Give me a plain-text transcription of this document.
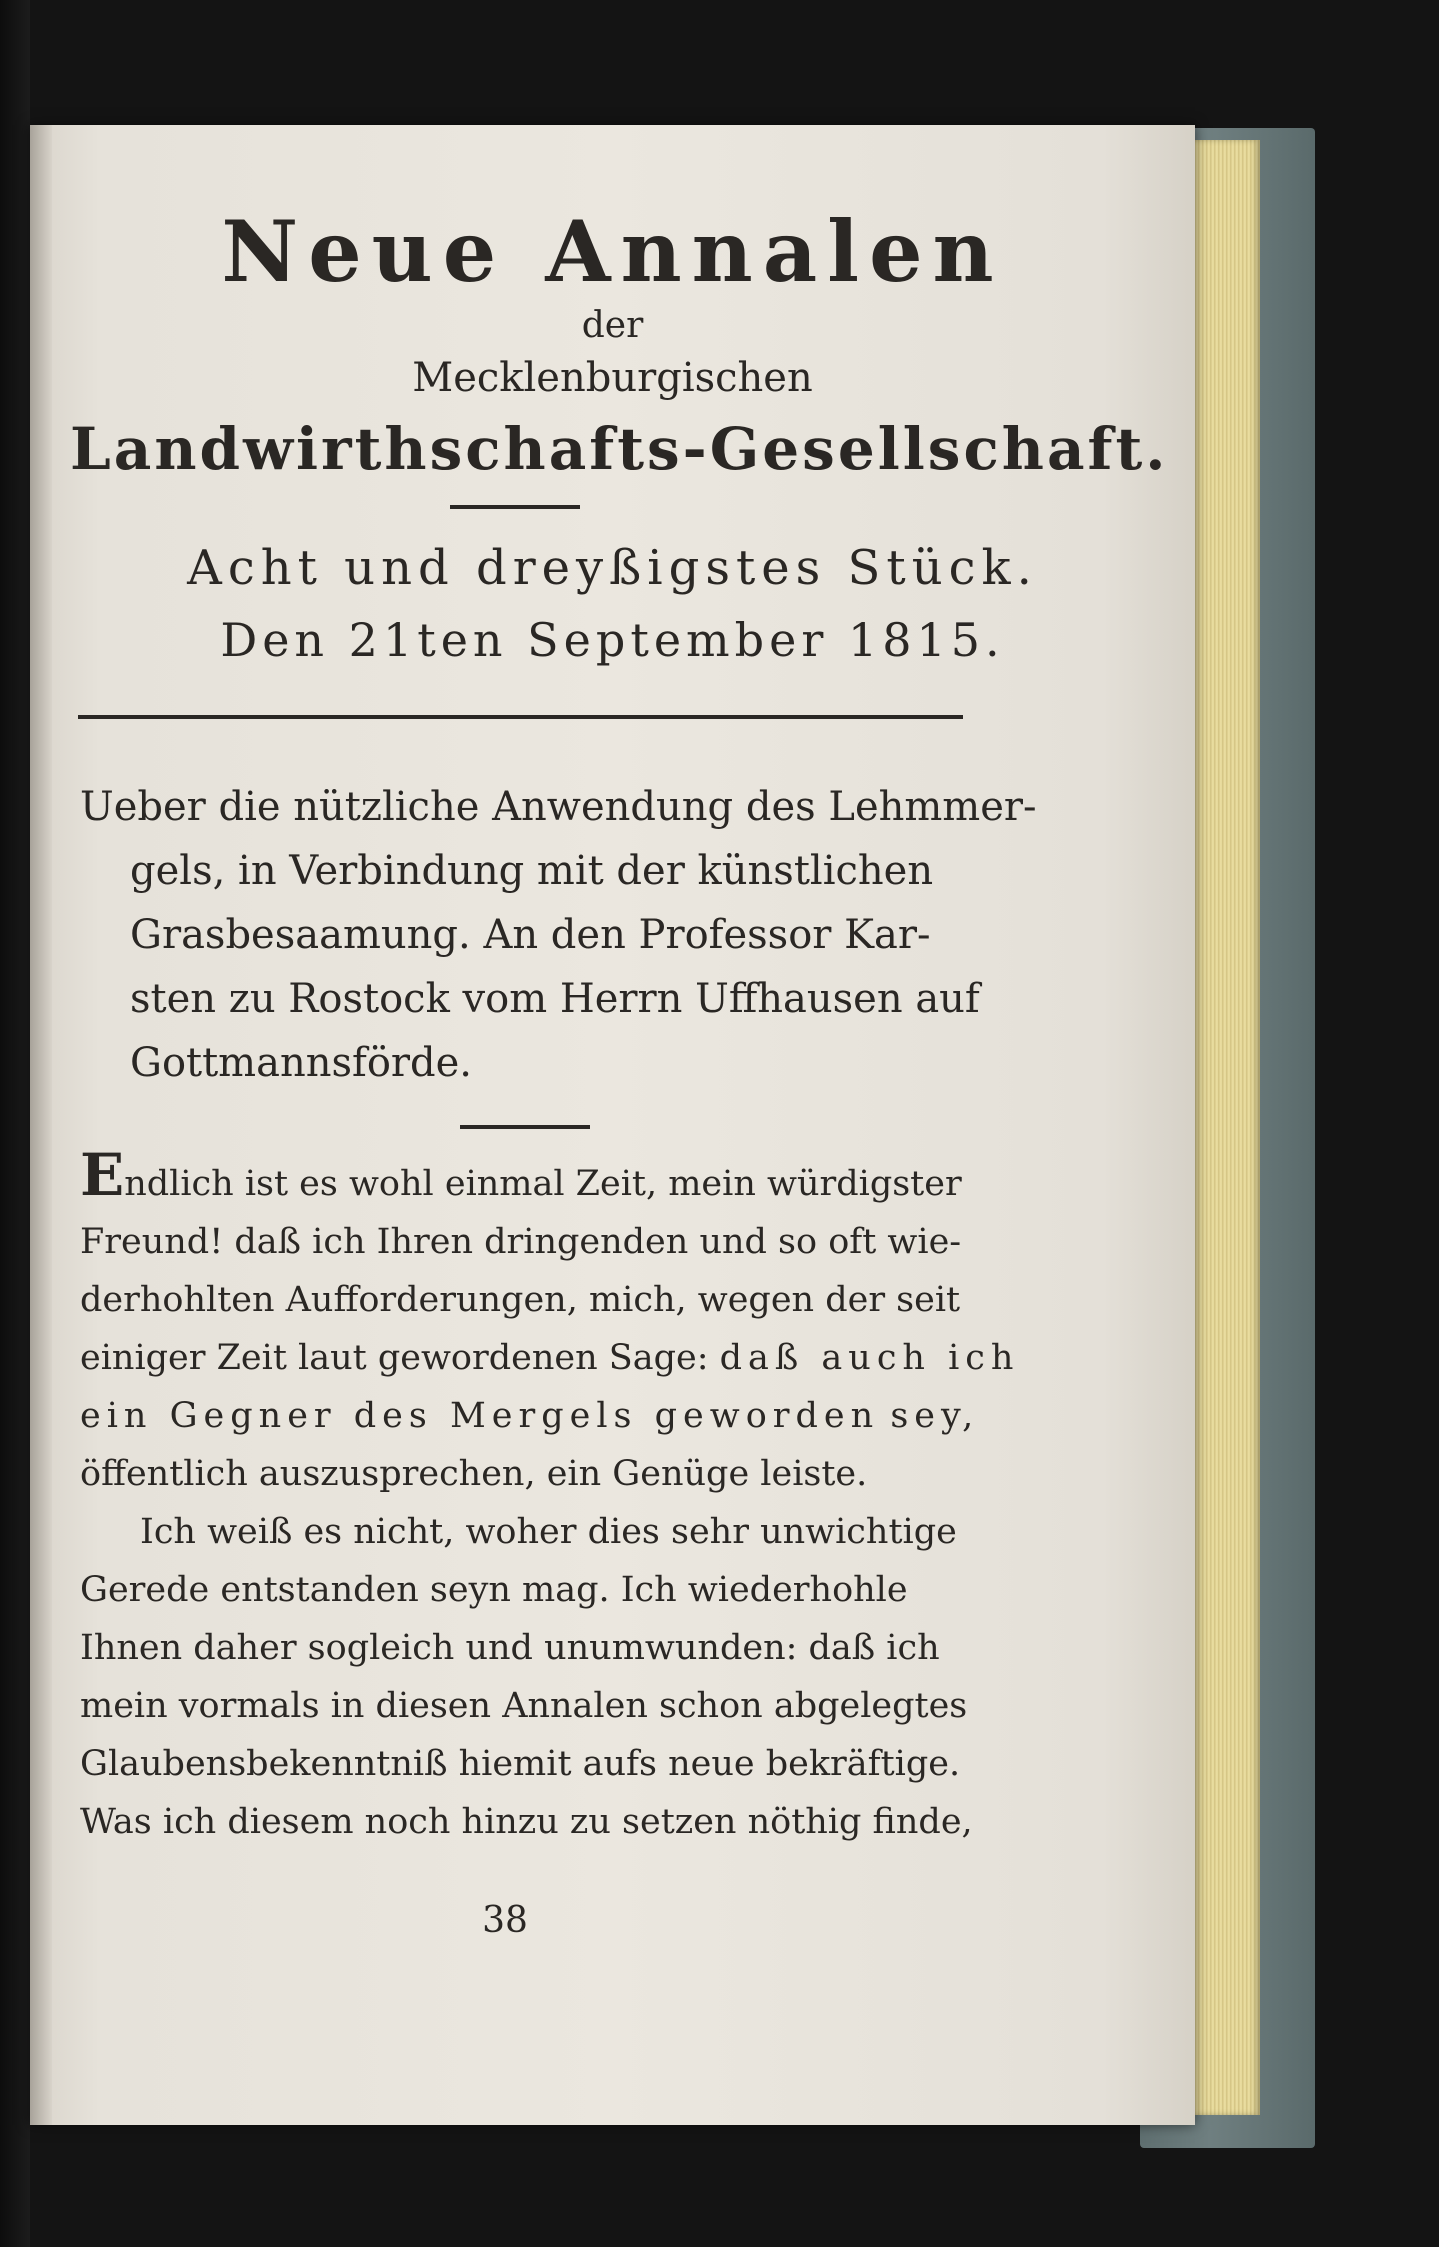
Neue Annalen
der
Mecklenburgischen
Landwirthschafts-Gesellschaft.
Acht und dreyßigstes Stück.
Den 21ten September 1815.
Ueber die nützliche Anwendung des Lehmmer-
gels, in Verbindung mit der künstlichen
Grasbesaamung. An den Professor Kar-
sten zu Rostock vom Herrn Uffhausen auf
Gottmannsförde.
Endlich ist es wohl einmal Zeit, mein würdigster
Freund! daß ich Ihren dringenden und so oft wie-
derhohlten Aufforderungen, mich, wegen der seit
einiger Zeit laut gewordenen Sage: daß auch ich
ein Gegner des Mergels geworden sey,
öffentlich auszusprechen, ein Genüge leiste.
Ich weiß es nicht, woher dies sehr unwichtige
Gerede entstanden seyn mag. Ich wiederhohle
Ihnen daher sogleich und unumwunden: daß ich
mein vormals in diesen Annalen schon abgelegtes
Glaubensbekenntniß hiemit aufs neue bekräftige.
Was ich diesem noch hinzu zu setzen nöthig finde,
38
